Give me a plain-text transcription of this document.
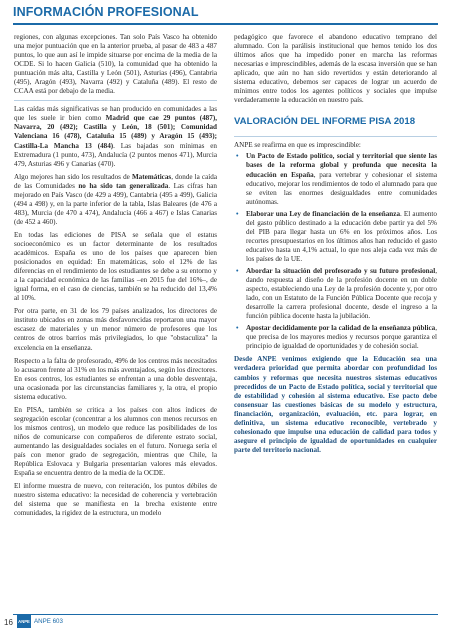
INFORMACIÓN PROFESIONAL

regiones, con algunas excepciones. Tan solo País Vasco ha obtenido una mejor puntuación que en la anterior prueba, al pasar de 483 a 487 puntos, lo que aun así le impide situarse por encima de la media de la OCDE. Si lo hacen Galicia (510), la comunidad que ha obtenido la puntuación más alta, Castilla y León (501), Asturias (496), Cantabria (495), Aragón (493), Navarra (492) y Cataluña (489). El resto de CCAA está por debajo de la media.

Las caídas más significativas se han producido en comunidades a las que les suele ir bien como Madrid que cae 29 puntos (487), Navarra, 20 (492); Castilla y León, 18 (501); Comunidad Valenciana 16 (478), Cataluña 15 (489) y Aragón 15 (493); Castilla-La Mancha 13 (484). Las bajadas son mínimas en Extremadura (1 punto, 473), Andalucía (2 puntos menos 471), Murcia 479, Asturias 496 y Canarias (470).

Algo mejores han sido los resultados de Matemáticas, donde la caída de las Comunidades no ha sido tan generalizada. Las cifras han mejorado en País Vasco (de 429 a 499), Cantabria (495 a 499), Galicia (494 a 498) y, en la parte inferior de la tabla, Islas Baleares (de 476 a 483), Murcia (de 470 a 474), Andalucía (466 a 467) e Islas Canarias (de 452 a 460).

En todas las ediciones de PISA se señala que el estatus socioeconómico es un factor determinante de los resultados académicos. España es uno de los países que aparecen bien posicionados en equidad: En matemáticas, solo el 12% de las diferencias en el rendimiento de los estudiantes se debe a su entorno y a la capacidad económica de las familias –en 2015 fue del 16%–, de igual forma, en el caso de ciencias, también se ha reducido del 13,4% al 10%.

Por otra parte, en 31 de los 79 países analizados, los directores de instituto ubicados en zonas más desfavorecidas reportaron una mayor escasez de materiales y un menor número de profesores que los centros de otros barrios más privilegiados, lo que "obstaculiza" la excelencia en la enseñanza.

Respecto a la falta de profesorado, 49% de los centros más necesitados lo acusaron frente al 31% en los más aventajados, según los directores. En esos centros, los estudiantes se enfrentan a una doble desventaja, una ocasionada por las circunstancias familiares y, la otra, el propio sistema educativo.

En PISA, también se critica a los países con altos índices de segregación escolar (concentrar a los alumnos con menos recursos en los mismos centros), un modelo que reduce las posibilidades de los niños de comunicarse con compañeros de diferente estrato social, aumentando las desigualdades sociales en el futuro. Noruega sería el país con menor grado de segregación, mientras que Chile, la República Eslovaca y Bulgaria presentarían valores más elevados. España se encuentra dentro de la media de la OCDE.

El informe muestra de nuevo, con reiteración, los puntos débiles de nuestro sistema educativo: la necesidad de coherencia y vertebración del sistema que se manifiesta en la brecha existente entre comunidades, la rigidez de la estructura, un modelo

pedagógico que favorece el abandono educativo temprano del alumnado. Con la parálisis institucional que hemos tenido los dos últimos años que ha impedido poner en marcha las reformas necesarias e imprescindibles, además de la escasa inversión que se han aplicado, que aún no han sido revertidos y están deteriorando al sistema educativo, debemos ser capaces de lograr un acuerdo de mínimos entre todos los agentes políticos y sociales que impulse verdaderamente la educación en nuestro país.

VALORACIÓN DEL INFORME PISA 2018

ANPE se reafirma en que es imprescindible:

• Un Pacto de Estado político, social y territorial que siente las bases de la reforma global y profunda que necesita la educación en España, para vertebrar y cohesionar el sistema educativo, mejorar los rendimientos de todo el alumnado para que se eviten las enormes desigualdades entre comunidades autónomas.
• Elaborar una Ley de financiación de la enseñanza. El aumento del gasto público destinado a la educación debe partir ya del 5% del PIB para llegar hasta un 6% en los próximos años. Los recortes presupuestarios en los últimos años han reducido el gasto educativo hasta un 4,1% actual, lo que nos aleja cada vez más de los países de la UE.
• Abordar la situación del profesorado y su futuro profesional, dando respuesta al diseño de la profesión docente en un doble aspecto, estableciendo una Ley de la profesión docente y, por otro lado, con un Estatuto de la Función Pública Docente que recoja y desarrolle la carrera profesional docente, desde el ingreso a la función pública docente hasta la jubilación.
• Apostar decididamente por la calidad de la enseñanza pública, que precisa de los mayores medios y recursos porque garantiza el principio de igualdad de oportunidades y de cohesión social.

Desde ANPE venimos exigiendo que la Educación sea una verdadera prioridad que permita abordar con profundidad los cambios y reformas que necesita nuestros sistemas educativos precedidos de un Pacto de Estado política, social y territorial que de estabilidad y cohesión al sistema educativo. Ese pacto debe consensuar las cuestiones básicas de su modelo y estructura, financiación, organización, evaluación, etc. para lograr, en definitiva, un sistema educativo reconocible, vertebrado y cohesionado que impulse una educación de calidad para todos y asegure el principio de igualdad de oportunidades en cualquier parte del territorio nacional.

16 ANPE ANPE 603
